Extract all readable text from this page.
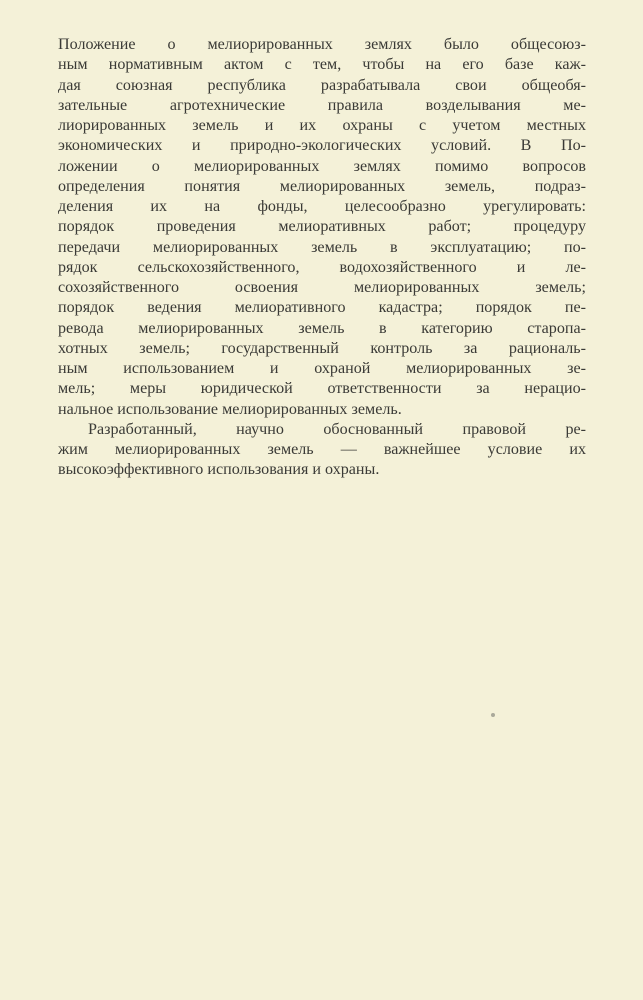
Положение о мелиорированных землях было общесоюз-
ным нормативным актом с тем, чтобы на его базе каж-
дая союзная республика разрабатывала свои общеобя-
зательные агротехнические правила возделывания ме-
лиорированных земель и их охраны с учетом местных
экономических и природно-экологических условий. В По-
ложении о мелиорированных землях помимо вопросов
определения понятия мелиорированных земель, подраз-
деления их на фонды, целесообразно урегулировать:
порядок проведения мелиоративных работ; процедуру
передачи мелиорированных земель в эксплуатацию; по-
рядок сельскохозяйственного, водохозяйственного и ле-
сохозяйственного освоения мелиорированных земель;
порядок ведения мелиоративного кадастра; порядок пе-
ревода мелиорированных земель в категорию старопа-
хотных земель; государственный контроль за рациональ-
ным использованием и охраной мелиорированных зе-
мель; меры юридической ответственности за нерацио-
нальное использование мелиорированных земель.
Разработанный, научно обоснованный правовой ре-
жим мелиорированных земель — важнейшее условие их
высокоэффективного использования и охраны.
